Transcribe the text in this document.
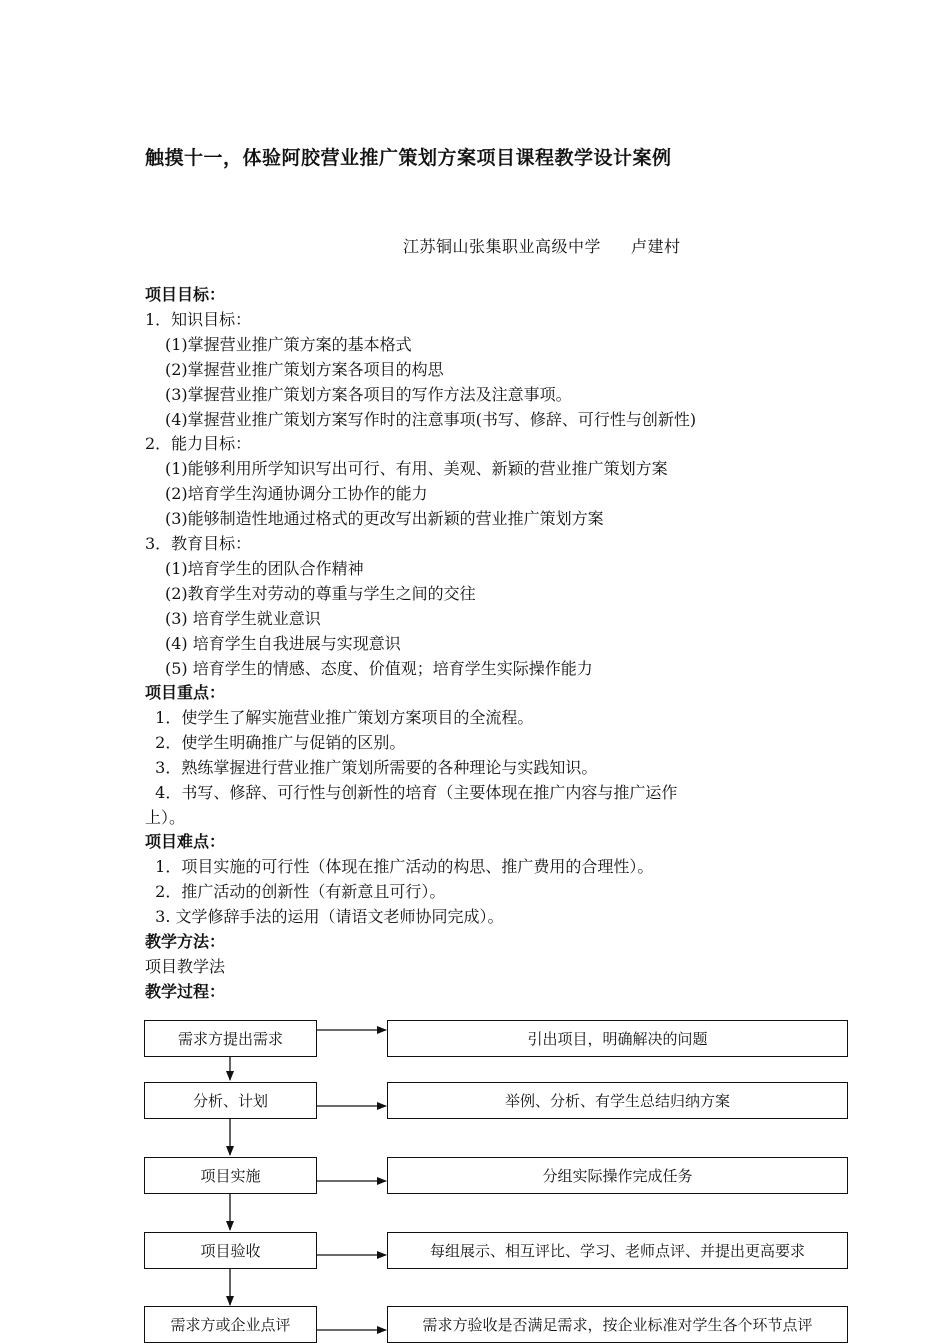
触摸十一，体验阿胶营业推广策划方案项目课程教学设计案例
江苏铜山张集职业高级中学 卢建村
项目目标：
1．知识目标：
(1)掌握营业推广策方案的基本格式
(2)掌握营业推广策划方案各项目的构思
(3)掌握营业推广策划方案各项目的写作方法及注意事项。
(4)掌握营业推广策划方案写作时的注意事项(书写、修辞、可行性与创新性)
2．能力目标：
(1)能够利用所学知识写出可行、有用、美观、新颖的营业推广策划方案
(2)培育学生沟通协调分工协作的能力
(3)能够制造性地通过格式的更改写出新颖的营业推广策划方案
3．教育目标：
(1)培育学生的团队合作精神
(2)教育学生对劳动的尊重与学生之间的交往
(3) 培育学生就业意识
(4) 培育学生自我进展与实现意识
(5) 培育学生的情感、态度、价值观；培育学生实际操作能力
项目重点：
1．使学生了解实施营业推广策划方案项目的全流程。
2．使学生明确推广与促销的区别。
3．熟练掌握进行营业推广策划所需要的各种理论与实践知识。
4．书写、修辞、可行性与创新性的培育（主要体现在推广内容与推广运作
上）。
项目难点：
1．项目实施的可行性（体现在推广活动的构思、推广费用的合理性）。
2．推广活动的创新性（有新意且可行）。
3. 文学修辞手法的运用（请语文老师协同完成）。
教学方法：
项目教学法
教学过程：
需求方提出需求	引出项目，明确解决的问题
分析、计划	举例、分析、有学生总结归纳方案
项目实施	分组实际操作完成任务
项目验收	每组展示、相互评比、学习、老师点评、并提出更高要求
需求方或企业点评	需求方验收是否满足需求，按企业标准对学生各个环节点评
